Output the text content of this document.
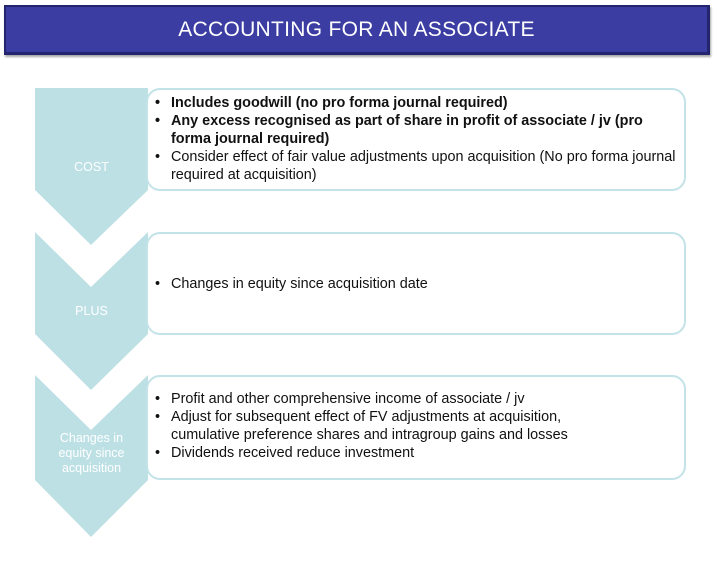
ACCOUNTING FOR AN ASSOCIATE
COST
PLUS
Changes in equity since acquisition
• Includes goodwill (no pro forma journal required)
• Any excess recognised as part of share in profit of associate / jv (pro forma journal required)
• Consider effect of fair value adjustments upon acquisition (No pro forma journal required at acquisition)
• Changes in equity since acquisition date
• Profit and other comprehensive income of associate / jv
• Adjust for subsequent effect of FV adjustments at acquisition, cumulative preference shares and intragroup gains and losses
• Dividends received reduce investment
